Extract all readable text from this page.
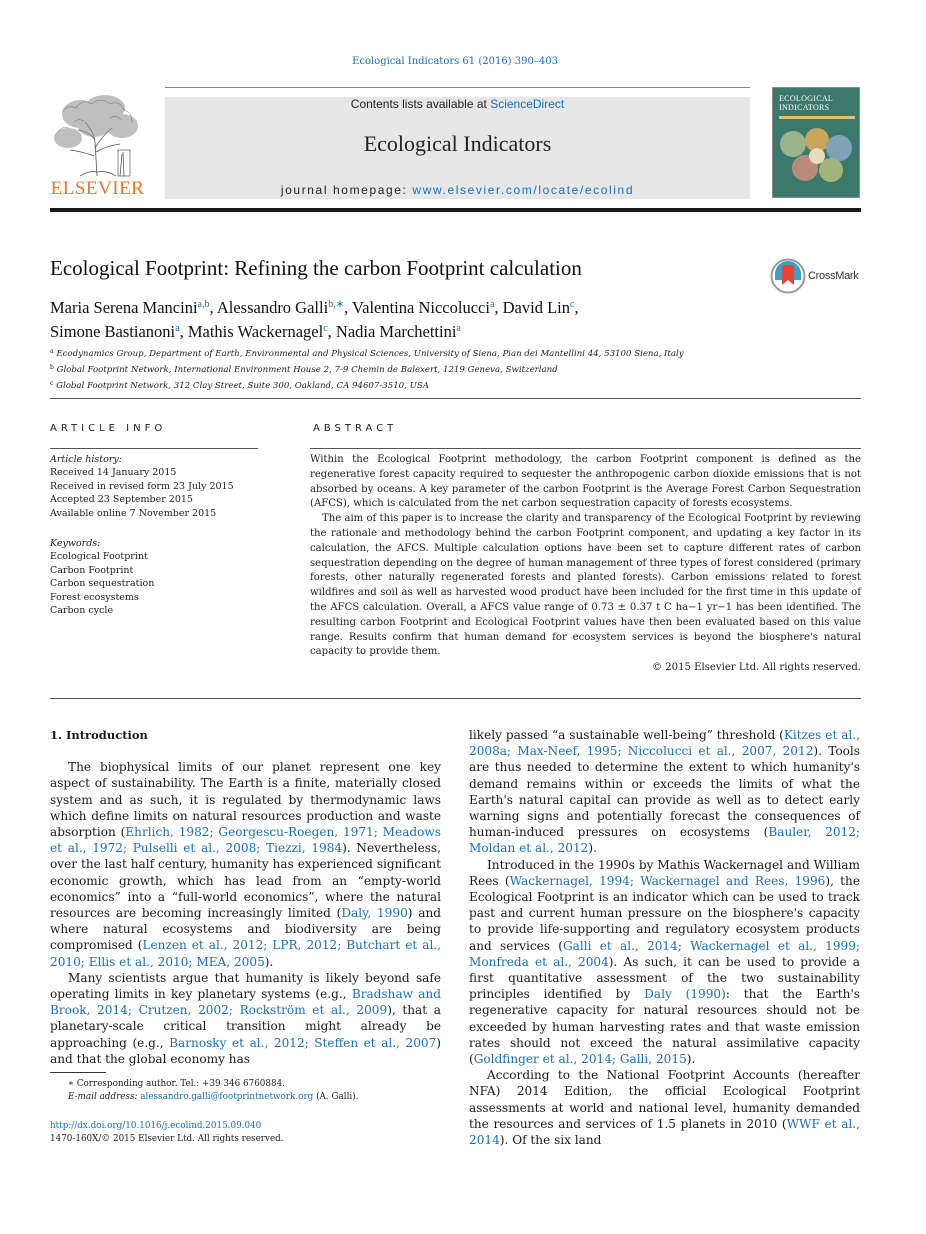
Ecological Indicators 61 (2016) 390–403
ELSEVIER
Contents lists available at ScienceDirect
Ecological Indicators
journal homepage: www.elsevier.com/locate/ecolind
ECOLOGICAL INDICATORS
Ecological Footprint: Refining the carbon Footprint calculation	CrossMark
Maria Serena Mancini$^{a,b}$, Alessandro Galli$^{b,∗}$, Valentina Niccolucci$^a$, David Lin$^c$,
Simone Bastianoni$^a$, Mathis Wackernagel$^c$, Nadia Marchettini$^a$
$^a$ Ecodynamics Group, Department of Earth, Environmental and Physical Sciences, University of Siena, Pian dei Mantellini 44, 53100 Siena, Italy
$^b$ Global Footprint Network, International Environment House 2, 7-9 Chemin de Balexert, 1219 Geneva, Switzerland
$^c$ Global Footprint Network, 312 Clay Street, Suite 300, Oakland, CA 94607-3510, USA
ARTICLE INFO
Article history:
Received 14 January 2015
Received in revised form 23 July 2015
Accepted 23 September 2015
Available online 7 November 2015
Keywords:
Ecological Footprint
Carbon Footprint
Carbon sequestration
Forest ecosystems
Carbon cycle
ABSTRACT

Within the Ecological Footprint methodology, the carbon Footprint component is defined as the regenerative forest capacity required to sequester the anthropogenic carbon dioxide emissions that is not absorbed by oceans. A key parameter of the carbon Footprint is the Average Forest Carbon Sequestration (AFCS), which is calculated from the net carbon sequestration capacity of forests ecosystems.

The aim of this paper is to increase the clarity and transparency of the Ecological Footprint by reviewing the rationale and methodology behind the carbon Footprint component, and updating a key factor in its calculation, the AFCS. Multiple calculation options have been set to capture different rates of carbon sequestration depending on the degree of human management of three types of forest considered (primary forests, other naturally regenerated forests and planted forests). Carbon emissions related to forest wildfires and soil as well as harvested wood product have been included for the first time in this update of the AFCS calculation. Overall, a AFCS value range of 0.73 ± 0.37 t C ha−1 yr−1 has been identified. The resulting carbon Footprint and Ecological Footprint values have then been evaluated based on this value range. Results confirm that human demand for ecosystem services is beyond the biosphere's natural capacity to provide them.

© 2015 Elsevier Ltd. All rights reserved.

1. Introduction

The biophysical limits of our planet represent one key aspect of sustainability. The Earth is a finite, materially closed system and as such, it is regulated by thermodynamic laws which define limits on natural resources production and waste absorption (Ehrlich, 1982; Georgescu-Roegen, 1971; Meadows et al., 1972; Pulselli et al., 2008; Tiezzi, 1984). Nevertheless, over the last half century, humanity has experienced significant economic growth, which has lead from an “empty-world economics” into a “full-world economics”, where the natural resources are becoming increasingly limited (Daly, 1990) and where natural ecosystems and biodiversity are being compromised (Lenzen et al., 2012; LPR, 2012; Butchart et al., 2010; Ellis et al., 2010; MEA, 2005).

Many scientists argue that humanity is likely beyond safe operating limits in key planetary systems (e.g., Bradshaw and Brook, 2014; Crutzen, 2002; Rockström et al., 2009), that a planetary-scale critical transition might already be approaching (e.g., Barnosky et al., 2012; Steffen et al., 2007) and that the global economy has

likely passed “a sustainable well-being” threshold (Kitzes et al., 2008a; Max-Neef, 1995; Niccolucci et al., 2007, 2012). Tools are thus needed to determine the extent to which humanity's demand remains within or exceeds the limits of what the Earth's natural capital can provide as well as to detect early warning signs and potentially forecast the consequences of human-induced pressures on ecosystems (Bauler, 2012; Moldan et al., 2012).

Introduced in the 1990s by Mathis Wackernagel and William Rees (Wackernagel, 1994; Wackernagel and Rees, 1996), the Ecological Footprint is an indicator which can be used to track past and current human pressure on the biosphere's capacity to provide life-supporting and regulatory ecosystem products and services (Galli et al., 2014; Wackernagel et al., 1999; Monfreda et al., 2004). As such, it can be used to provide a first quantitative assessment of the two sustainability principles identified by Daly (1990): that the Earth's regenerative capacity for natural resources should not be exceeded by human harvesting rates and that waste emission rates should not exceed the natural assimilative capacity (Goldfinger et al., 2014; Galli, 2015).

According to the National Footprint Accounts (hereafter NFA) 2014 Edition, the official Ecological Footprint assessments at world and national level, humanity demanded the resources and services of 1.5 planets in 2010 (WWF et al., 2014). Of the six land

∗ Corresponding author. Tel.: +39 346 6760884.
E-mail address: alessandro.galli@footprintnetwork.org (A. Galli).
http://dx.doi.org/10.1016/j.ecolind.2015.09.040
1470-160X/© 2015 Elsevier Ltd. All rights reserved.
